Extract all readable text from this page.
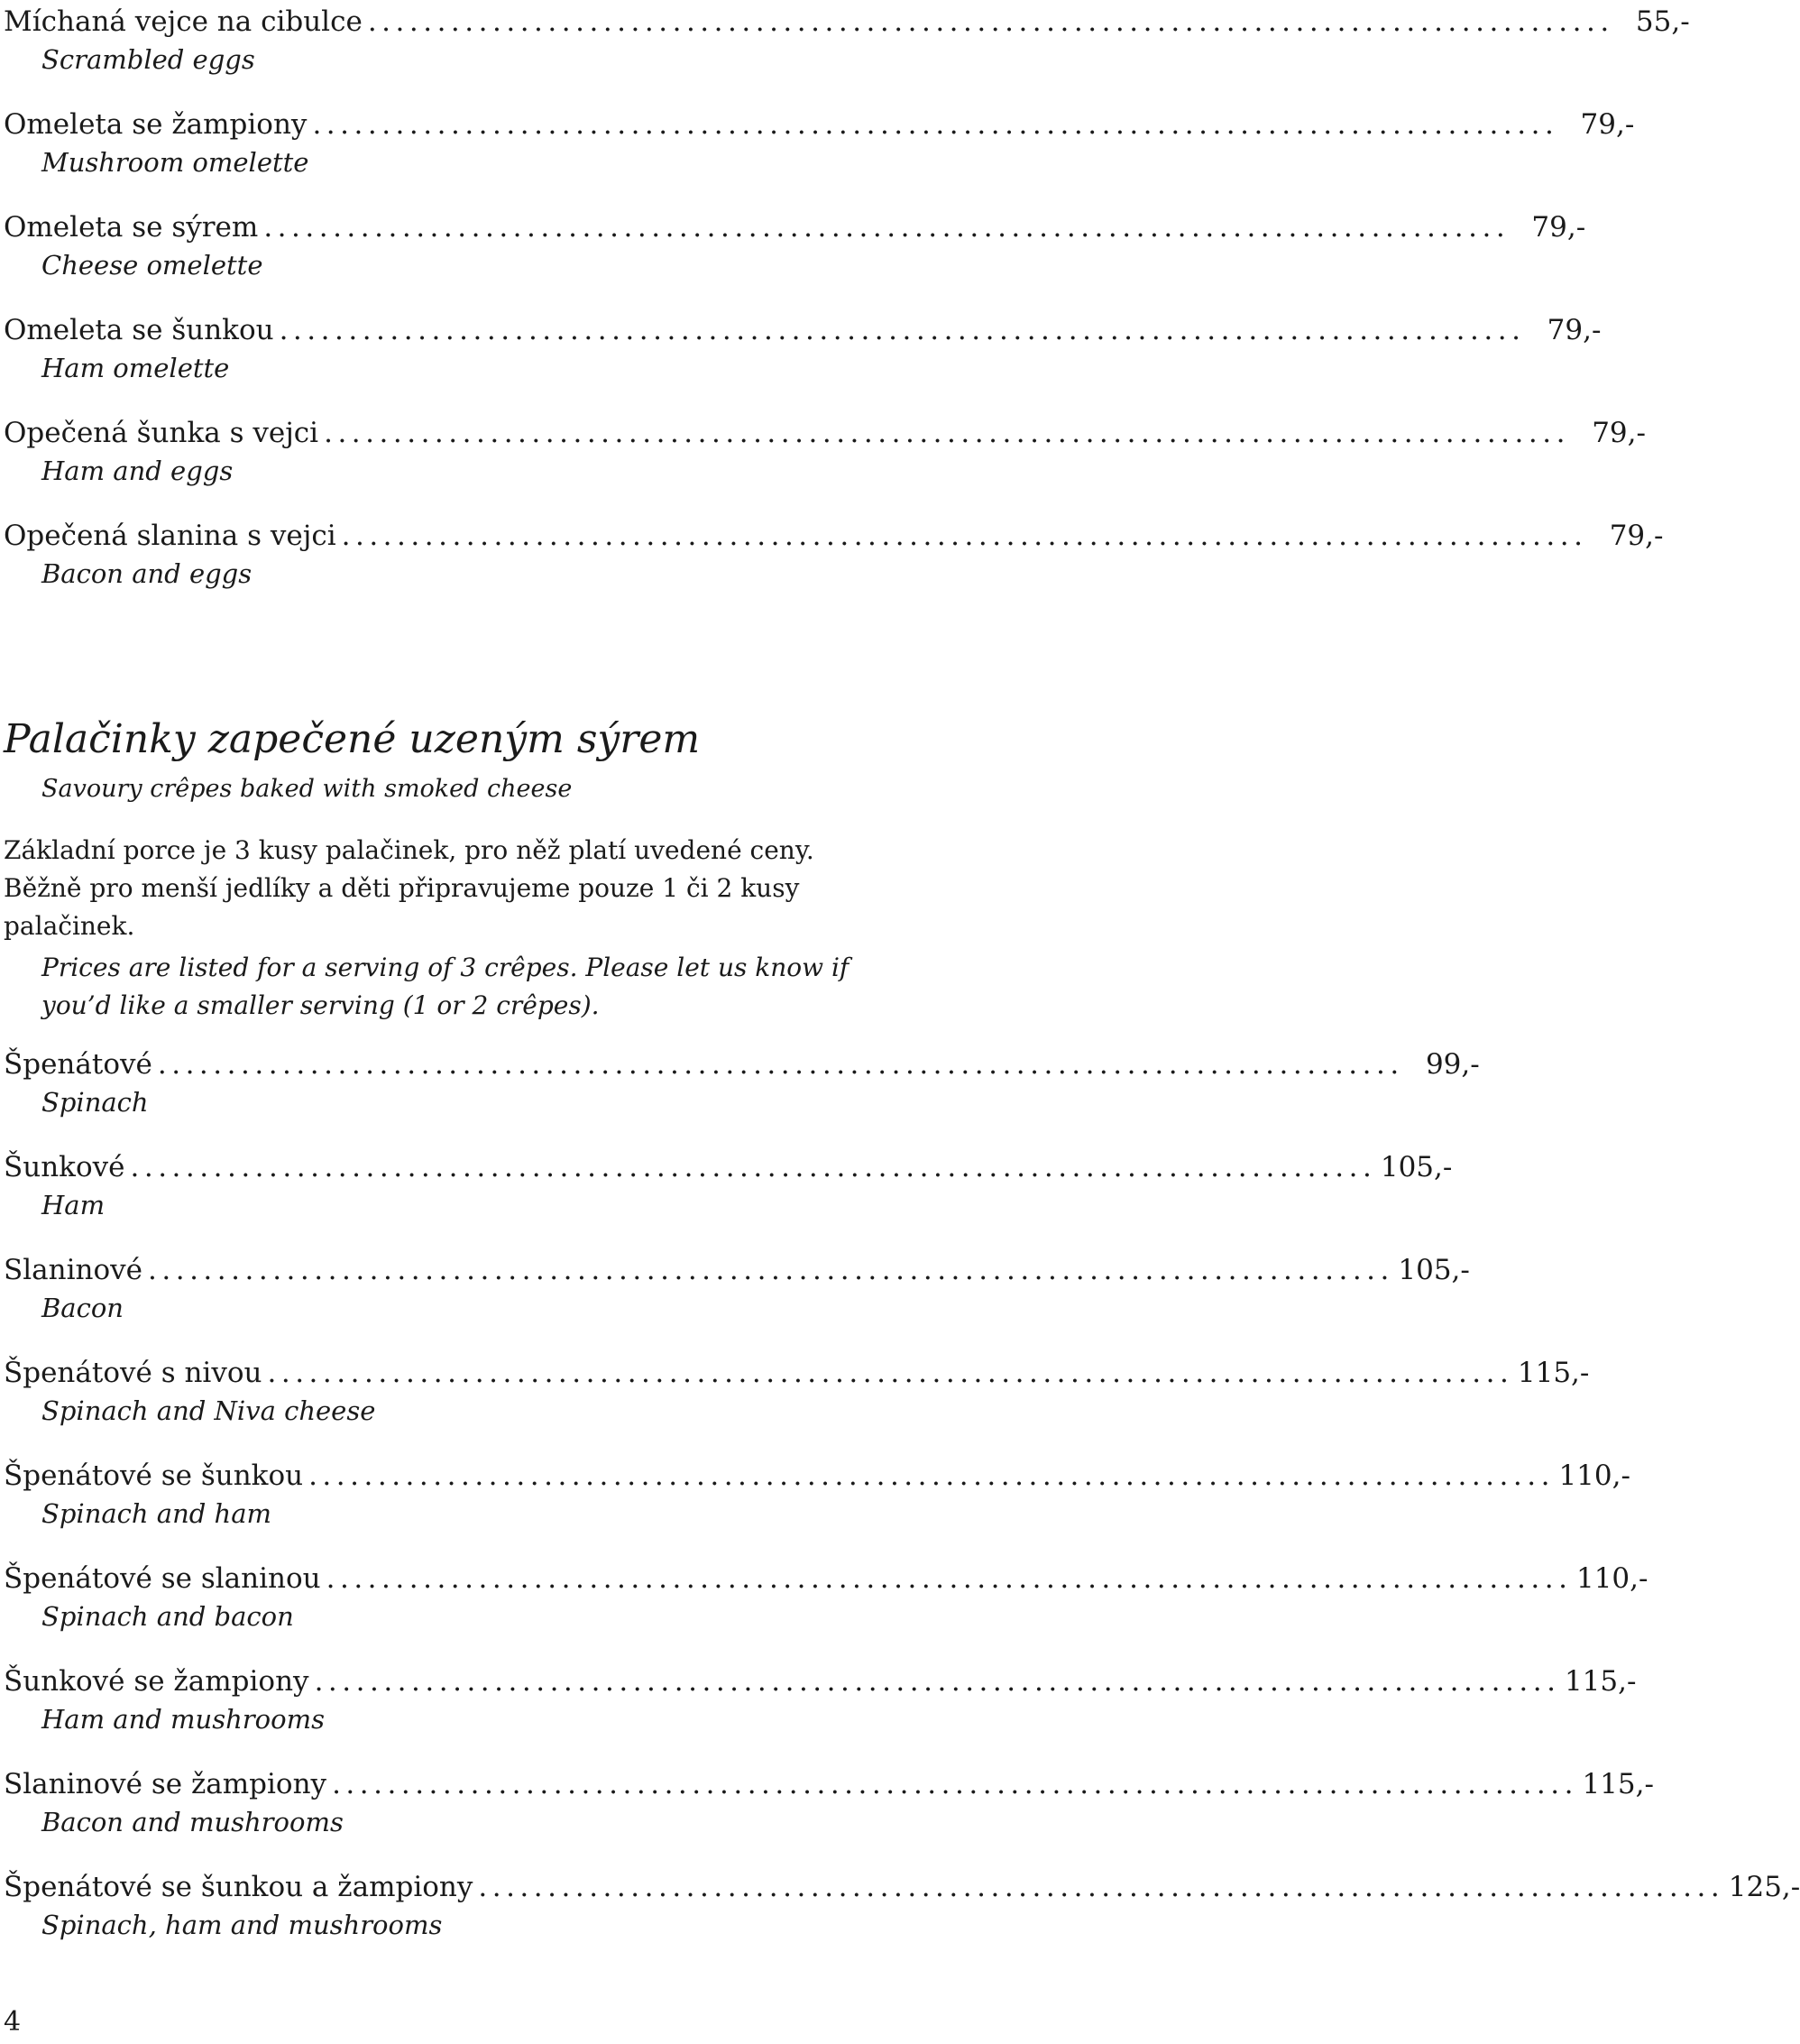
Míchaná vejce na cibulce .......................................................................................... 55,-
Scrambled eggs
Omeleta se žampiony .......................................................................................... 79,-
Mushroom omelette
Omeleta se sýrem .......................................................................................... 79,-
Cheese omelette
Omeleta se šunkou .......................................................................................... 79,-
Ham omelette
Opečená šunka s vejci .......................................................................................... 79,-
Ham and eggs
Opečená slanina s vejci .......................................................................................... 79,-
Bacon and eggs
Palačinky zapečené uzeným sýrem
Savoury crêpes baked with smoked cheese
Základní porce je 3 kusy palačinek, pro něž platí uvedené ceny. Běžně pro menší jedlíky a děti připravujeme pouze 1 či 2 kusy palačinek.
Prices are listed for a serving of 3 crêpes. Please let us know if you’d like a smaller serving (1 or 2 crêpes).
Špenátové .......................................................................................... 99,-
Spinach
Šunkové .......................................................................................... 105,-
Ham
Slaninové .......................................................................................... 105,-
Bacon
Špenátové s nivou .......................................................................................... 115,-
Spinach and Niva cheese
Špenátové se šunkou .......................................................................................... 110,-
Spinach and ham
Špenátové se slaninou .......................................................................................... 110,-
Spinach and bacon
Šunkové se žampiony .......................................................................................... 115,-
Ham and mushrooms
Slaninové se žampiony .......................................................................................... 115,-
Bacon and mushrooms
Špenátové se šunkou a žampiony .......................................................................................... 125,-
Spinach, ham and mushrooms
4
